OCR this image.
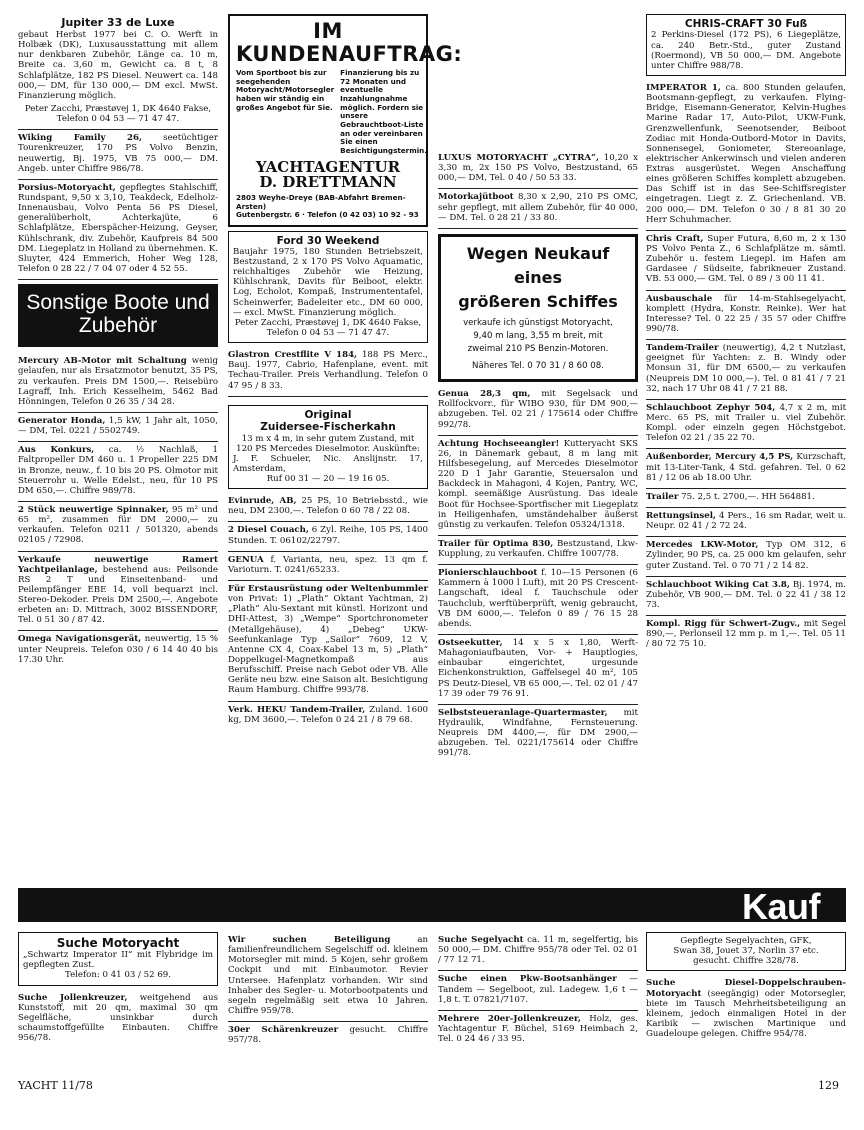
Jupiter 33 de Luxe

gebaut Herbst 1977 bei C. O. Werft in Holbæk (DK), Luxusausstattung mit allem nur denkbaren Zubehör, Länge ca. 10 m, Breite ca. 3,60 m, Gewicht ca. 8 t, 8 Schlafplätze, 182 PS Diesel. Neuwert ca. 148 000,— DM, für 130 000,— DM excl. MwSt. Finanzierung möglich.

Peter Zacchi, Præstøvej 1, DK 4640 Fakse, Telefon 0 04 53 — 71 47 47.

Wiking Family 26, seetüchtiger Tourenkreuzer, 170 PS Volvo Benzin, neuwertig, Bj. 1975, VB 75 000,— DM. Angeb. unter Chiffre 986/78.
Porsius-Motoryacht, gepflegtes Stahlschiff, Rundspant, 9,50 x 3,10, Teakdeck, Edelholz-Innenausbau, Volvo Penta 56 PS Diesel, generalüberholt, Achterkajüte, 6 Schlafplätze, Eberspächer-Heizung, Geyser, Kühlschrank, div. Zubehör, Kaufpreis 84 500 DM. Liegeplatz in Holland zu übernehmen. K. Sluyter, 424 Emmerich, Hoher Weg 128, Telefon 0 28 22 / 7 04 07 oder 4 52 55.
Sonstige Boote und Zubehör
Mercury AB-Motor mit Schaltung wenig gelaufen, nur als Ersatzmotor benutzt, 35 PS, zu verkaufen. Preis DM 1500,—. Reisebüro Lagraff, Inh. Erich Kesselheim, 5462 Bad Hönningen, Telefon 0 26 35 / 34 28.
Generator Honda, 1,5 kW, 1 Jahr alt, 1050,— DM, Tel. 0221 / 5502749.
Aus Konkurs, ca. ½ Nachlaß, 1 Faltpropeller DM 460 u. 1 Propeller 225 DM in Bronze, neuw., f. 10 bis 20 PS. Olmotor mit Steuerrohr u. Welle Edelst., neu, für 10 PS DM 650,—. Chiffre 989/78.
2 Stück neuwertige Spinnaker, 95 m² und 65 m², zusammen für DM 2000,— zu verkaufen. Telefon 0211 / 501320, abends 02105 / 72908.
Verkaufe neuwertige Ramert Yachtpeilanlage, bestehend aus: Peilsonde RS 2 T und Einseitenband- und Peilempfänger EBE 14, voll bequarzt incl. Stereo-Dekoder. Preis DM 2500,—. Angebote erbeten an: D. Mittrach, 3002 BISSENDORF, Tel. 0 51 30 / 87 42.
Omega Navigationsgerät, neuwertig, 15 % unter Neupreis. Telefon 030 / 6 14 40 40 bis 17.30 Uhr.
IM KUNDENAUFTRAG:

Vom Sportboot bis zur seegehenden Motoryacht/Motorsegler haben wir ständig ein großes Angebot für Sie.

Finanzierung bis zu 72 Monaten und eventuelle Inzahlungnahme möglich. Fordern sie unsere Gebrauchtboot-Liste an oder vereinbaren Sie einen Besichtigungstermin.

YACHTAGENTUR
D. DRETTMANN
2803 Weyhe-Dreye (BAB-Abfahrt Bremen-Arsten)
Gutenbergstr. 6 · Telefon (0 42 03) 10 92 - 93
Ford 30 Weekend

Baujahr 1975, 180 Stunden Betriebszeit, Bestzustand, 2 x 170 PS Volvo Aquamatic, reichhaltiges Zubehör wie Heizung, Kühlschrank, Davits für Beiboot, elektr. Log, Echolot, Kompaß, Instrumententafel, Scheinwerfer, Badeleiter etc., DM 60 000,— excl. MwSt. Finanzierung möglich.

Peter Zacchi, Præstøvej 1, DK 4640 Fakse, Telefon 0 04 53 — 71 47 47.

Glastron Crestflite V 184, 188 PS Merc., Bauj. 1977, Cabrio, Hafenplane, event. mit Techau-Trailer. Preis Verhandlung. Telefon 0 47 95 / 8 33.
Original
Zuidersee-Fischerkahn

13 m x 4 m, in sehr gutem Zustand, mit 120 PS Mercedes Dieselmotor. Auskünfte:

J. F. Schueler, Nic. Anslijnstr. 17, Amsterdam,

Ruf 00 31 — 20 — 19 16 05.

Evinrude, AB, 25 PS, 10 Betriebsstd., wie neu, DM 2300,—. Telefon 0 60 78 / 22 08.
2 Diesel Couach, 6 Zyl. Reihe, 105 PS, 1400 Stunden. T. 06102/22797.
GENUA f. Varianta, neu, spez. 13 qm f. Varioturn. T. 0241/65233.
Für Erstausrüstung oder Weltenbummler von Privat: 1) „Plath“ Oktant Yachtman, 2) „Plath“ Alu-Sextant mit künstl. Horizont und DHI-Attest, 3) „Wempe“ Sportchronometer (Metallgehäuse), 4) „Debeg“ UKW-Seefunkanlage Typ „Sailor“ 7609, 12 V, Antenne CX 4, Coax-Kabel 13 m, 5) „Plath“ Doppelkugel-Magnetkompaß aus Berufsschiff. Preise nach Gebot oder VB. Alle Geräte neu bzw. eine Saison alt. Besichtigung Raum Hamburg. Chiffre 993/78.
Verk. HEKU Tandem-Trailer, Zuland. 1600 kg, DM 3600,—. Telefon 0 24 21 / 8 79 68.
LUXUS MOTORYACHT „CYTRA“, 10,20 x 3,30 m, 2x 150 PS Volvo, Bestzustand, 65 000,— DM, Tel. 0 40 / 50 53 33.
Motorkajütboot 8,30 x 2,90, 210 PS OMC, sehr gepflegt, mit allem Zubehör, für 40 000,— DM. Tel. 0 28 21 / 33 80.
Wegen Neukauf eines
größeren Schiffes

verkaufe ich günstigst Motoryacht,

9,40 m lang, 3,55 m breit, mit

zweimal 210 PS Benzin-Motoren.

Näheres Tel. 0 70 31 / 8 60 08.

Genua 28,3 qm, mit Segelsack und Rollfockvorr., für WIBO 930, für DM 900,— abzugeben. Tel. 02 21 / 175614 oder Chiffre 992/78.
Achtung Hochseeangler! Kutteryacht SKS 26, in Dänemark gebaut, 8 m lang mit Hilfsbesegelung, auf Mercedes Dieselmotor 220 D 1 Jahr Garantie, Steuersalon und Backdeck in Mahagoni, 4 Kojen, Pantry, WC, kompl. seemäßige Ausrüstung. Das ideale Boot für Hochsee-Sportfischer mit Liegeplatz in Heiligenhafen, umständehalber äußerst günstig zu verkaufen. Telefon 05324/1318.
Trailer für Optima 830, Bestzustand, Lkw-Kupplung, zu verkaufen. Chiffre 1007/78.
Pionierschlauchboot f. 10—15 Personen (6 Kammern à 1000 l Luft), mit 20 PS Crescent-Langschaft, ideal f. Tauchschule oder Tauchclub, werftüberprüft, wenig gebraucht, VB DM 6000,—. Telefon 0 89 / 76 15 28 abends.
Ostseekutter, 14 x 5 x 1,80, Werft-Mahagoniaufbauten, Vor- + Hauptlogies, einbaubar eingerichtet, urgesunde Eichenkonstruktion, Gaffelsegel 40 m², 105 PS Deutz-Diesel, VB 65 000,—. Tel. 02 01 / 47 17 39 oder 79 76 91.
Selbststeueranlage-Quartermaster, mit Hydraulik, Windfahne, Fernsteuerung. Neupreis DM 4400,—, für DM 2900,— abzugeben. Tel. 0221/175614 oder Chiffre 991/78.
CHRIS-CRAFT 30 Fuß

2 Perkins-Diesel (172 PS), 6 Liegeplätze, ca. 240 Betr.-Std., guter Zustand (Roermond), VB 50 000,— DM. Angebote unter Chiffre 988/78.

IMPERATOR 1, ca. 800 Stunden gelaufen, Bootsmann-gepflegt, zu verkaufen. Flying-Bridge, Eisemann-Generator, Kelvin-Hughes Marine Radar 17, Auto-Pilot, UKW-Funk, Grenzwellenfunk, Seenotsender, Beiboot Zodiac mit Honda-Outbord-Motor in Davits, Sonnensegel, Goniometer, Stereoanlage, elektrischer Ankerwinsch und vielen anderen Extras ausgerüstet. Wegen Anschaffung eines größeren Schiffes komplett abzugeben. Das Schiff ist in das See-Schiffsregister eingetragen. Liegt z. Z. Griechenland. VB. 200 000,— DM. Telefon 0 30 / 8 81 30 20 Herr Schuhmacher.
Chris Craft, Super Futura, 8,60 m, 2 x 130 PS Volvo Penta Z., 6 Schlafplätze m. sämtl. Zubehör u. festem Liegepl. im Hafen am Gardasee / Südseite, fabrikneuer Zustand. VB. 53 000,— GM. Tel. 0 89 / 3 00 11 41.
Ausbauschale für 14-m-Stahlsegelyacht, komplett (Hydra, Konstr. Reinke). Wer hat Interesse? Tel. 0 22 25 / 35 57 oder Chiffre 990/78.
Tandem-Trailer (neuwertig), 4,2 t Nutzlast, geeignet für Yachten: z. B. Windy oder Monsun 31, für DM 6500,— zu verkaufen (Neupreis DM 10 000,—). Tel. 0 81 41 / 7 21 32, nach 17 Uhr 08 41 / 7 21 88.
Schlauchboot Zephyr 504, 4,7 x 2 m, mit Merc. 65 PS, mit Trailer u. viel Zubehör. Kompl. oder einzeln gegen Höchstgebot. Telefon 02 21 / 35 22 70.
Außenborder, Mercury 4,5 PS, Kurzschaft, mit 13-Liter-Tank, 4 Std. gefahren. Tel. 0 62 81 / 12 06 ab 18.00 Uhr.
Trailer 75. 2,5 t. 2700,—. HH 564881.
Rettungsinsel, 4 Pers., 16 sm Radar, weit u. Neupr. 02 41 / 2 72 24.
Mercedes LKW-Motor, Typ OM 312, 6 Zylinder, 90 PS, ca. 25 000 km gelaufen, sehr guter Zustand. Tel. 0 70 71 / 2 14 82.
Schlauchboot Wiking Cat 3.8, Bj. 1974, m. Zubehör, VB 900,— DM. Tel. 0 22 41 / 38 12 73.
Kompl. Rigg für Schwert-Zugv., mit Segel 890,—, Perlonseil 12 mm p. m 1,—. Tel. 05 11 / 80 72 75 10.
Kauf
Suche Motoryacht

„Schwartz Imperator II“ mit Flybridge im gepflegten Zust.

Telefon: 0 41 03 / 52 69.

Suche Jollenkreuzer, weitgehend aus Kunststoff, mit 20 qm, maximal 30 qm Segelfläche, unsinkbar durch schaumstoffgefüllte Einbauten. Chiffre 956/78.
Wir suchen Beteiligung	an familienfreundlichem Segelschiff od. kleinem Motorsegler mit mind. 5 Kojen, sehr großem Cockpit und mit Einbaumotor. Revier Untersee. Hafenplatz vorhanden. Wir sind Inhaber des Segler- u. Motorbootpatents und segeln regelmäßig seit etwa 10 Jahren. Chiffre 959/78.
30er Schärenkreuzer gesucht. Chiffre 957/78.
Suche Segelyacht ca. 11 m, segelfertig, bis 50 000,— DM. Chiffre 955/78 oder Tel. 02 01 / 77 12 71.
Suche einen Pkw-Bootsanhänger — Tandem — Segelboot, zul. Ladegew. 1,6 t — 1,8 t. T. 07821/7107.
Mehrere 20er-Jollenkreuzer, Holz, ges. Yachtagentur F. Büchel, 5169 Heimbach 2, Tel. 0 24 46 / 33 95.

Gepflegte Segelyachten, GFK,

Swan 38, Jouet 37, Norlin 37 etc.

gesucht. Chiffre 328/78.

Suche Diesel-Doppelschrauben-Motoryacht (seegängig) oder Motorsegler, biete im Tausch Mehrheitsbeteiligung an kleinem, jedoch einmaligen Hotel in der Karibik — zwischen Martinique und Guadeloupe gelegen. Chiffre 954/78.
YACHT 11/78	129
